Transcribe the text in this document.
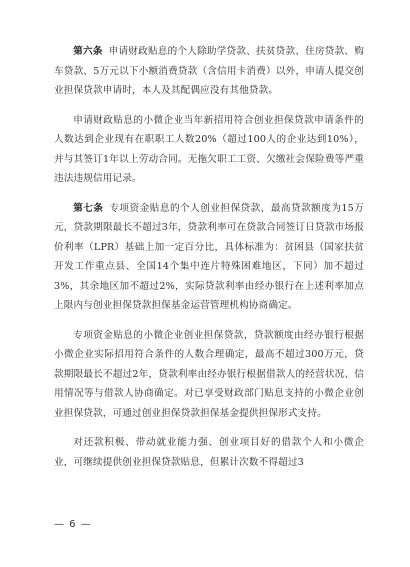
第六条 申请财政贴息的个人除助学贷款、扶贫贷款、住房贷款、购车贷款、5万元以下小额消费贷款（含信用卡消费）以外，申请人提交创业担保贷款申请时，本人及其配偶应没有其他贷款。

申请财政贴息的小微企业当年新招用符合创业担保贷款申请条件的人数达到企业现有在职职工人数20%（超过100人的企业达到10%），并与其签订1年以上劳动合同。无拖欠职工工资、欠缴社会保险费等严重违法违规信用记录。

第七条 专项资金贴息的个人创业担保贷款，最高贷款额度为15万元，贷款期限最长不超过3年，贷款利率可在贷款合同签订日贷款市场报价利率（LPR）基础上加一定百分比，具体标准为：贫困县（国家扶贫开发工作重点县、全国14个集中连片特殊困难地区，下同）加不超过3%，其余地区加不超过2%，实际贷款利率由经办银行在上述利率加点上限内与创业担保贷款担保基金运营管理机构协商确定。

专项资金贴息的小微企业创业担保贷款，贷款额度由经办银行根据小微企业实际招用符合条件的人数合理确定，最高不超过300万元，贷款期限最长不超过2年，贷款利率由经办银行根据借款人的经营状况、信用情况等与借款人协商确定。对已享受财政部门贴息支持的小微企业创业担保贷款，可通过创业担保贷款担保基金提供担保形式支持。

对还款积极、带动就业能力强、创业项目好的借款个人和小微企业，可继续提供创业担保贷款贴息，但累计次数不得超过3

— 6 —
